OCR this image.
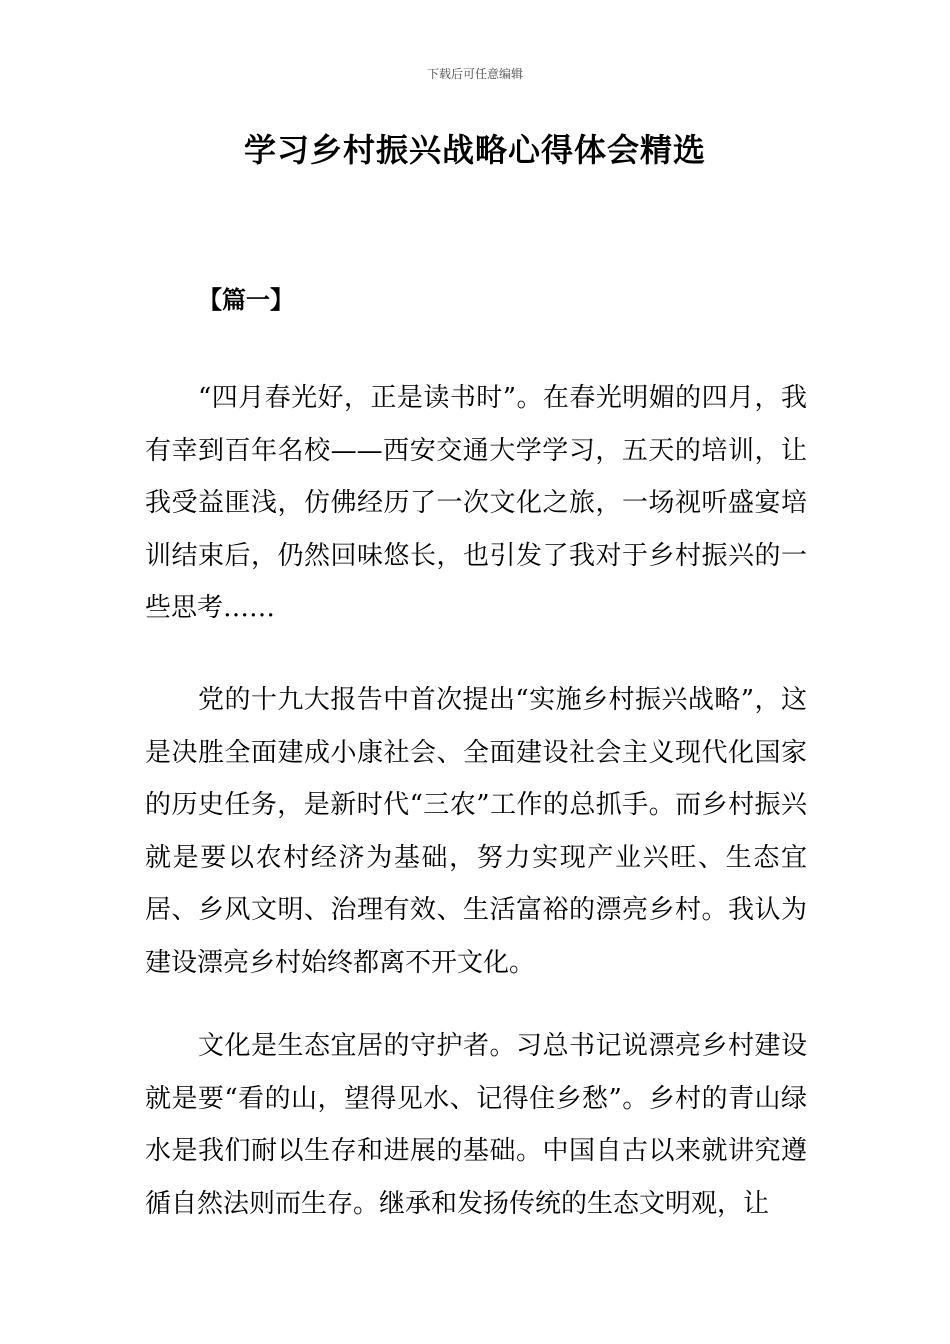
下载后可任意编辑
学习乡村振兴战略心得体会精选
【篇一】

“四月春光好，正是读书时”。在春光明媚的四月，我有幸到百年名校——西安交通大学学习，五天的培训，让我受益匪浅，仿佛经历了一次文化之旅，一场视听盛宴培训结束后，仍然回味悠长，也引发了我对于乡村振兴的一些思考……

党的十九大报告中首次提出“实施乡村振兴战略”，这是决胜全面建成小康社会、全面建设社会主义现代化国家的历史任务，是新时代“三农”工作的总抓手。而乡村振兴就是要以农村经济为基础，努力实现产业兴旺、生态宜居、乡风文明、治理有效、生活富裕的漂亮乡村。我认为建设漂亮乡村始终都离不开文化。

文化是生态宜居的守护者。习总书记说漂亮乡村建设就是要“看的山，望得见水、记得住乡愁”。乡村的青山绿水是我们耐以生存和进展的基础。中国自古以来就讲究遵循自然法则而生存。继承和发扬传统的生态文明观，让
